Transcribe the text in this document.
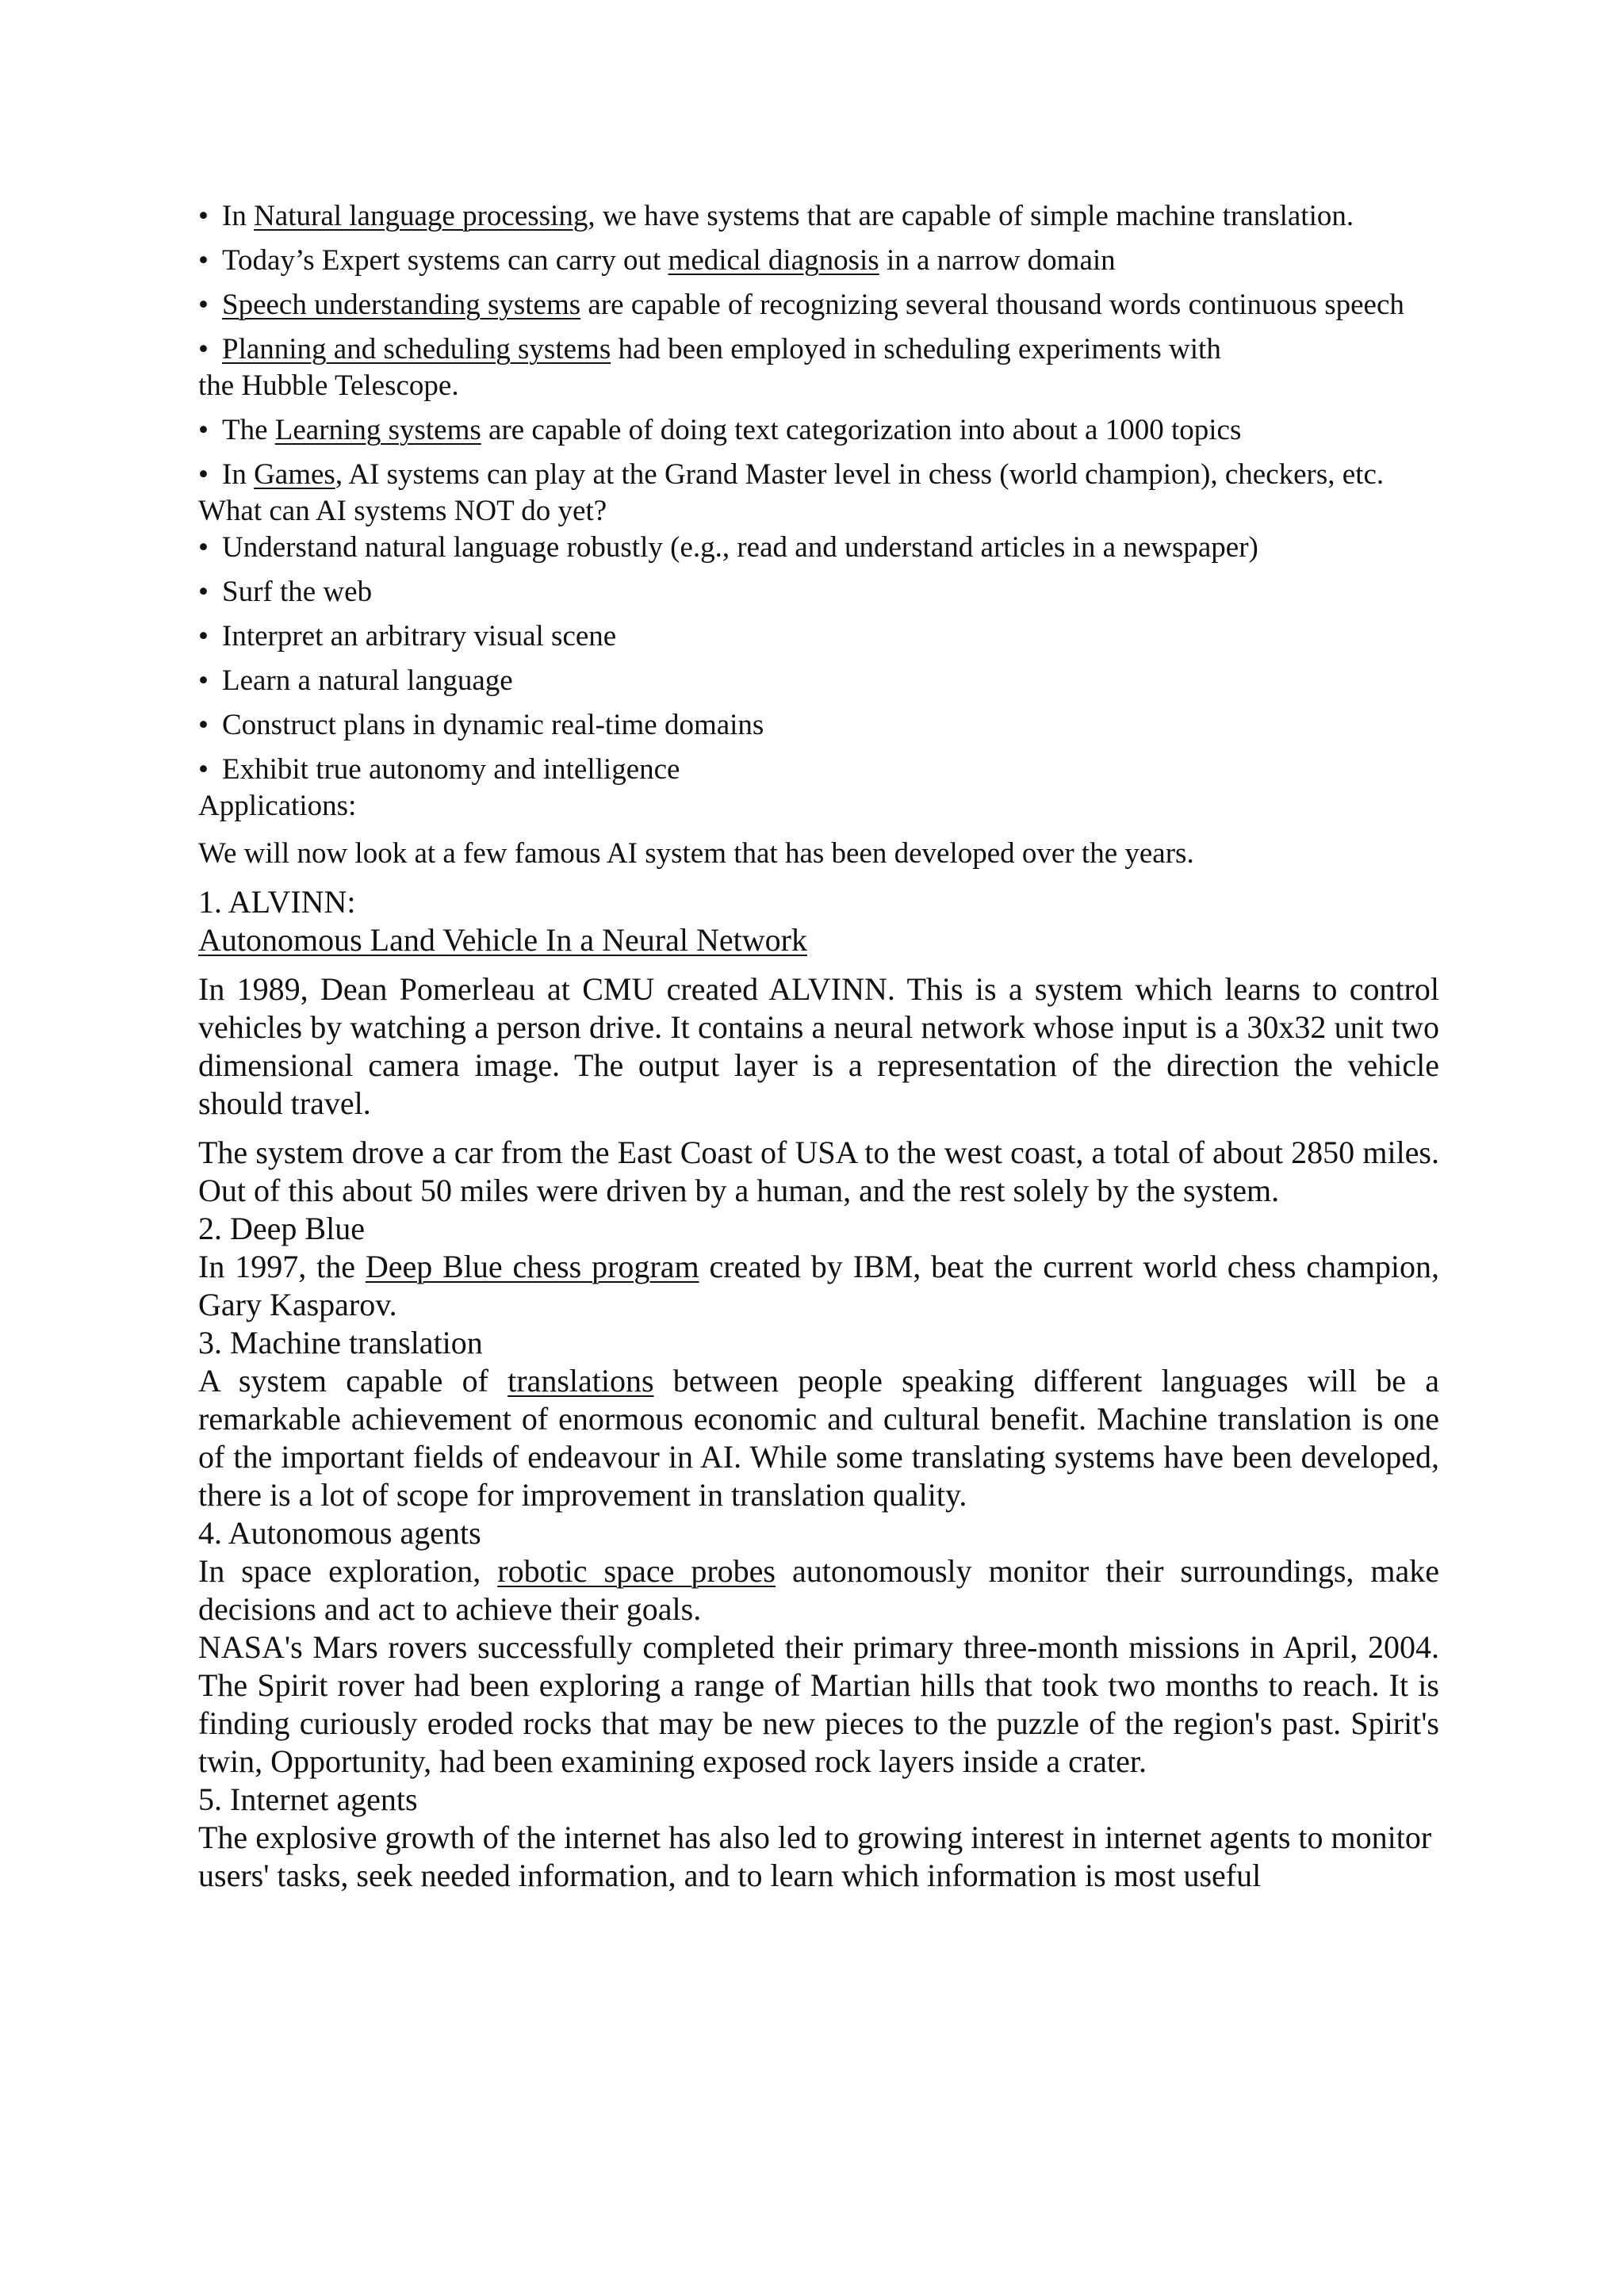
• In Natural language processing, we have systems that are capable of simple machine translation.
• Today’s Expert systems can carry out medical diagnosis in a narrow domain
• Speech understanding systems are capable of recognizing several thousand words continuous speech
• Planning and scheduling systems had been employed in scheduling experiments with

the Hubble Telescope.

• The Learning systems are capable of doing text categorization into about a 1000 topics
• In Games, AI systems can play at the Grand Master level in chess (world champion), checkers, etc.

What can AI systems NOT do yet?

• Understand natural language robustly (e.g., read and understand articles in a newspaper)
• Surf the web
• Interpret an arbitrary visual scene
• Learn a natural language
• Construct plans in dynamic real-time domains
• Exhibit true autonomy and intelligence

Applications:

We will now look at a few famous AI system that has been developed over the years.

1. ALVINN:

Autonomous Land Vehicle In a Neural Network

In 1989, Dean Pomerleau at CMU created ALVINN. This is a system which learns to control vehicles by watching a person drive. It contains a neural network whose input is a 30x32 unit two dimensional camera image. The output layer is a representation of the direction the vehicle should travel.

The system drove a car from the East Coast of USA to the west coast, a total of about 2850 miles. Out of this about 50 miles were driven by a human, and the rest solely by the system.

2. Deep Blue

In 1997, the Deep Blue chess program created by IBM, beat the current world chess champion, Gary Kasparov.

3. Machine translation

A system capable of translations between people speaking different languages will be a remarkable achievement of enormous economic and cultural benefit. Machine translation is one of the important fields of endeavour in AI. While some translating systems have been developed, there is a lot of scope for improvement in translation quality.

4. Autonomous agents

In space exploration, robotic space probes autonomously monitor their surroundings, make decisions and act to achieve their goals.

NASA's Mars rovers successfully completed their primary three-month missions in April, 2004. The Spirit rover had been exploring a range of Martian hills that took two months to reach. It is finding curiously eroded rocks that may be new pieces to the puzzle of the region's past. Spirit's twin, Opportunity, had been examining exposed rock layers inside a crater.

5. Internet agents

The explosive growth of the internet has also led to growing interest in internet agents to monitor users' tasks, seek needed information, and to learn which information is most useful
